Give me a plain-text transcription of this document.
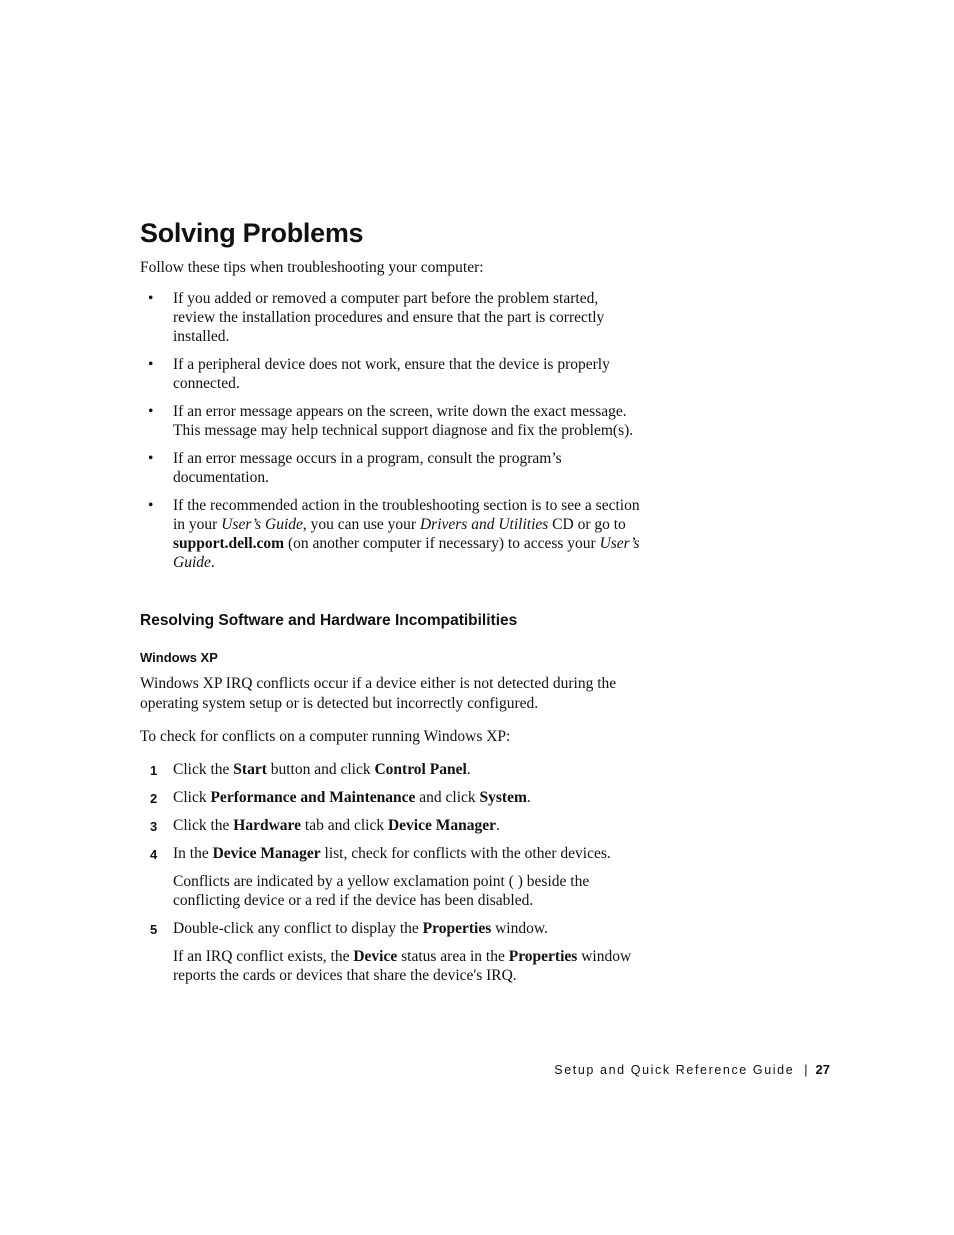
Solving Problems

Follow these tips when troubleshooting your computer:

• If you added or removed a computer part before the problem started, review the installation procedures and ensure that the part is correctly installed.
• If a peripheral device does not work, ensure that the device is properly connected.
• If an error message appears on the screen, write down the exact message. This message may help technical support diagnose and fix the problem(s).
• If an error message occurs in a program, consult the program’s documentation.
• If the recommended action in the troubleshooting section is to see a section in your User’s Guide, you can use your Drivers and Utilities CD or go to support.dell.com (on another computer if necessary) to access your User’s Guide.
Resolving Software and Hardware Incompatibilities
Windows XP

Windows XP IRQ conflicts occur if a device either is not detected during the operating system setup or is detected but incorrectly configured.

To check for conflicts on a computer running Windows XP:

1 Click the Start button and click Control Panel.
2 Click Performance and Maintenance and click System.
3 Click the Hardware tab and click Device Manager.
4 In the Device Manager list, check for conflicts with the other devices.
Conflicts are indicated by a yellow exclamation point ( ) beside the conflicting device or a red if the device has been disabled.
5 Double-click any conflict to display the Properties window.
If an IRQ conflict exists, the Device status area in the Properties window reports the cards or devices that share the device's IRQ.

Setup and Quick Reference Guide | 27
